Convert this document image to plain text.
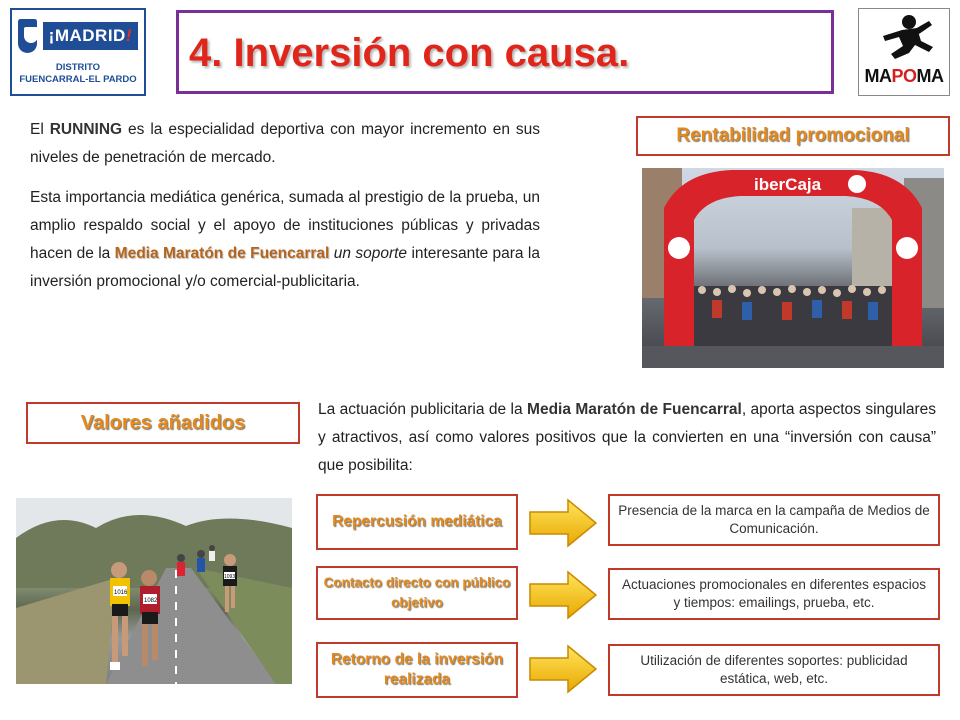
¡MADRID!
DISTRITO
FUENCARRAL-EL PARDO
4. Inversión con causa.
MAPOMA
El RUNNING es la especialidad deportiva con mayor incremento en sus niveles de penetración de mercado.
Esta importancia mediática genérica, sumada al prestigio de la prueba, un amplio respaldo social y el apoyo de instituciones públicas y privadas hacen de la Media Maratón de Fuencarral un soporte interesante para la inversión promocional y/o comercial-publicitaria.
Rentabilidad promocional
iberCaja
Valores añadidos
La actuación publicitaria de la Media Maratón de Fuencarral, aporta aspectos singulares y atractivos, así como valores positivos que la convierten en una “inversión con causa” que posibilita:
1016
1082
1093
Repercusión mediática
Contacto directo con público objetivo
Retorno de la inversión realizada
Presencia de la marca en la campaña de Medios de Comunicación.
Actuaciones promocionales en diferentes espacios y tiempos: emailings, prueba, etc.
Utilización de diferentes soportes: publicidad estática, web, etc.
